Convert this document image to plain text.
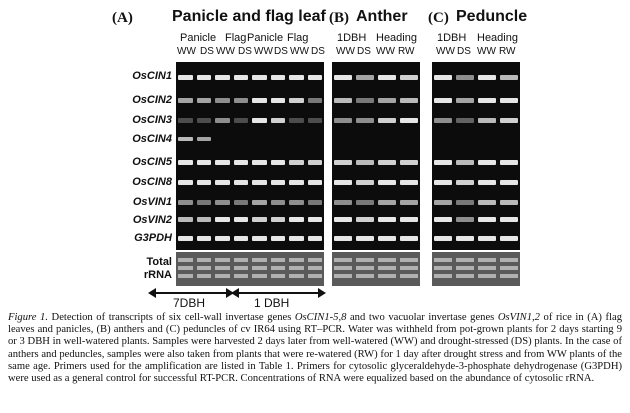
(A) Panicle and flag leaf (B) Anther (C) Peduncle
Panicle Flag Panicle Flag	1DBH Heading 1DBH Heading
WW DS WW DS WW DS WW DS WW DS WW RW WW DS WW RW
OsCIN1
OsCIN2
OsCIN3
OsCIN4
OsCIN5
OsCIN8
OsVIN1
OsVIN2
G3PDH
Total
rRNA
7DBH	1 DBH
Figure 1. Detection of transcripts of six cell-wall invertase genes OsCIN1-5,8 and two vacuolar invertase genes OsVIN1,2 of rice in (A) flag leaves and panicles, (B) anthers and (C) peduncles of cv IR64 using RT–PCR. Water was withheld from pot-grown plants for 2 days starting 9 or 3 DBH in well-watered plants. Samples were harvested 2 days later from well-watered (WW) and drought-stressed (DS) plants. In the case of anthers and peduncles, samples were also taken from plants that were re-watered (RW) for 1 day after drought stress and from WW plants of the same age. Primers used for the amplification are listed in Table 1. Primers for cytosolic glyceraldehyde-3-phosphate dehydrogenase (G3PDH) were used as a general control for successful RT-PCR. Concentrations of RNA were equalized based on the abundance of cytosolic rRNA.
